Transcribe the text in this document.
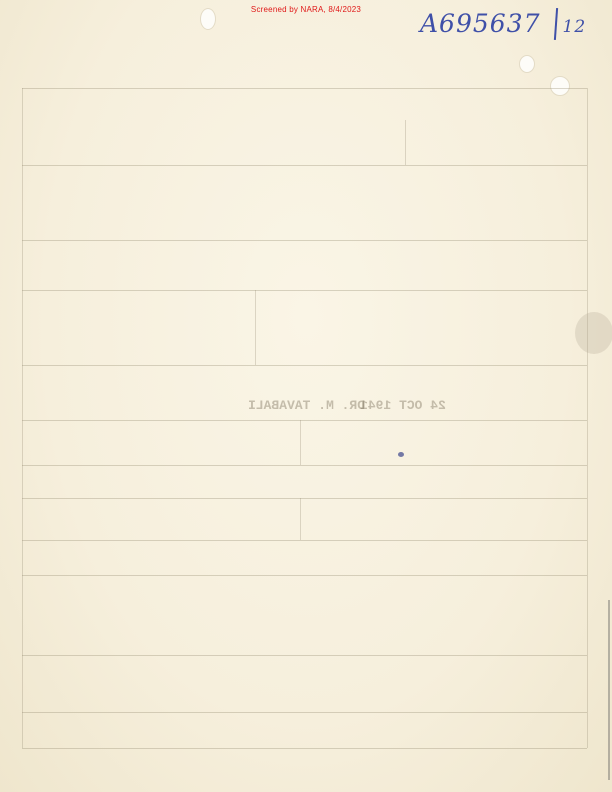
Screened by NARA, 8/4/2023	A695637 12
DR. M. TAVABALI
24 OCT 1941
